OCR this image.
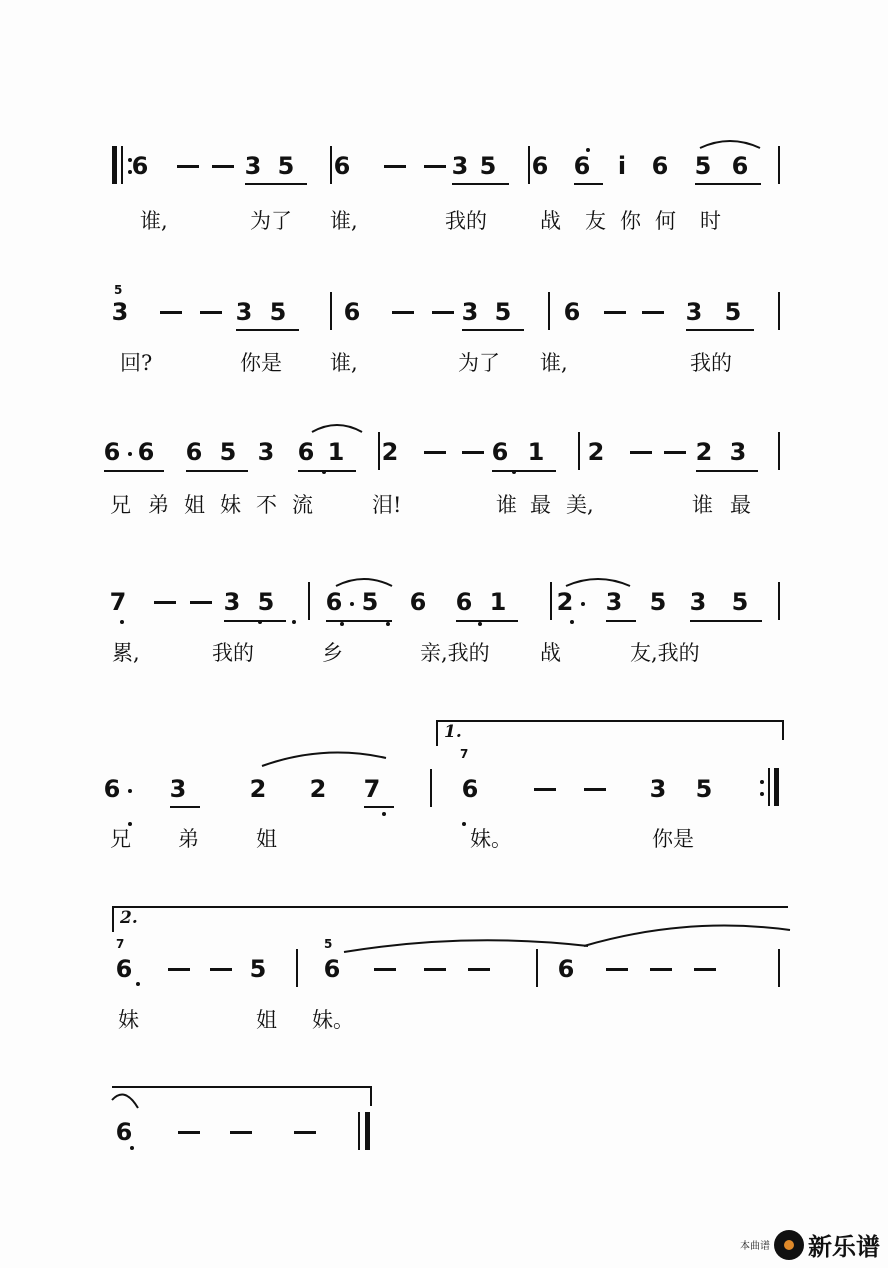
6	3 5 6	3 5 6 6	i	6 5 6
谁,	为了 谁,	我的	战 友 你 何 时
3	3 5 6	3 5 6	3 5
回?	你是 谁,	为了 谁,	我的
6 6 6 5 3 6 1 2	6 1 2	2 3
兄 弟 姐 妹 不 流	泪!	谁 最 美,	谁 最
7	3 5 6 5 6 6 1 2 3 5 3 5
累,	我的	乡	亲,我的 战	友,我的
6 3	2 2 7	6	3 5
兄 弟	姐	妹。	你是
6	5 6	6
妹	姐 妹。
6
5
7
7	5
1.
2.
本曲谱 新乐谱
